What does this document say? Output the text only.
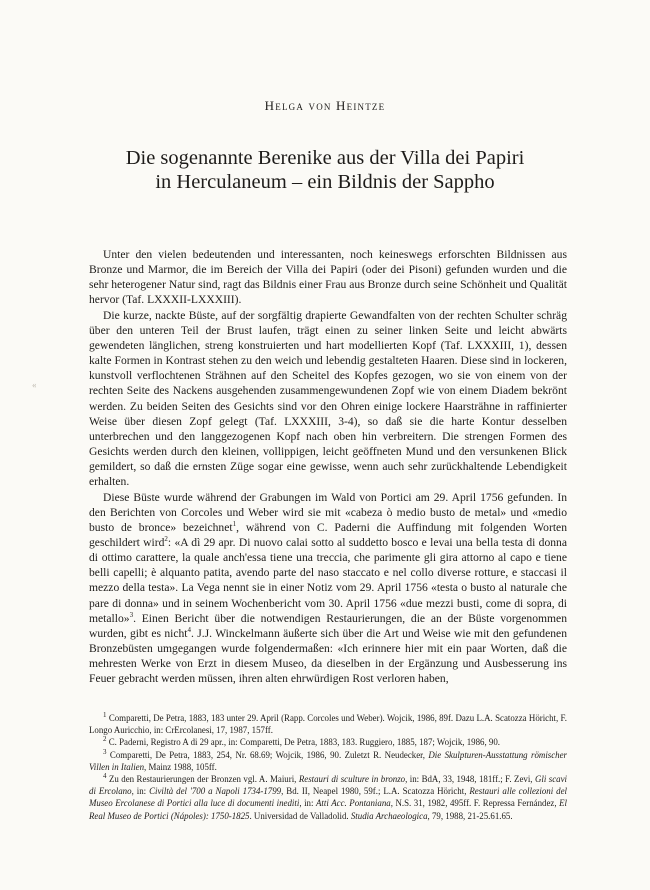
Helga von Heintze
Die sogenannte Berenike aus der Villa dei Papiri
in Herculaneum – ein Bildnis der Sappho
«

Unter den vielen bedeutenden und interessanten, noch keineswegs erforschten Bildnissen aus Bronze und Marmor, die im Bereich der Villa dei Papiri (oder dei Pisoni) gefunden wurden und die sehr heterogener Natur sind, ragt das Bildnis einer Frau aus Bronze durch seine Schönheit und Qualität hervor (Taf. LXXXII-LXXXIII).

Die kurze, nackte Büste, auf der sorgfältig drapierte Gewandfalten von der rechten Schulter schräg über den unteren Teil der Brust laufen, trägt einen zu seiner linken Seite und leicht abwärts gewendeten länglichen, streng konstruierten und hart modellierten Kopf (Taf. LXXXIII, 1), dessen kalte Formen in Kontrast stehen zu den weich und lebendig gestalteten Haaren. Diese sind in lockeren, kunstvoll verflochtenen Strähnen auf den Scheitel des Kopfes gezogen, wo sie von einem von der rechten Seite des Nackens ausgehenden zusammengewundenen Zopf wie von einem Diadem bekrönt werden. Zu beiden Seiten des Gesichts sind vor den Ohren einige lockere Haarsträhne in raffinierter Weise über diesen Zopf gelegt (Taf. LXXXIII, 3-4), so daß sie die harte Kontur desselben unterbrechen und den langgezogenen Kopf nach oben hin verbreitern. Die strengen Formen des Gesichts werden durch den kleinen, vollippigen, leicht geöffneten Mund und den versunkenen Blick gemildert, so daß die ernsten Züge sogar eine gewisse, wenn auch sehr zurückhaltende Lebendigkeit erhalten.

Diese Büste wurde während der Grabungen im Wald von Portici am 29. April 1756 gefunden. In den Berichten von Corcoles und Weber wird sie mit «cabeza ò medio busto de metal» und «medio busto de bronce» bezeichnet$^1$, während von C. Paderni die Auffindung mit folgenden Worten geschildert wird$^2$: «A dì 29 apr. Di nuovo calai sotto al suddetto bosco e levai una bella testa di donna di ottimo carattere, la quale anch'essa tiene una treccia, che parimente gli gira attorno al capo e tiene belli capelli; è alquanto patita, avendo parte del naso staccato e nel collo diverse rotture, e staccasi il mezzo della testa». La Vega nennt sie in einer Notiz vom 29. April 1756 «testa o busto al naturale che pare di donna» und in seinem Wochenbericht vom 30. April 1756 «due mezzi busti, come di sopra, di metallo»$^3$. Einen Bericht über die notwendigen Restaurierungen, die an der Büste vorgenommen wurden, gibt es nicht$^4$. J.J. Winckelmann äußerte sich über die Art und Weise wie mit den gefundenen Bronzebüsten umgegangen wurde folgendermaßen: «Ich erinnere hier mit ein paar Worten, daß die mehresten Werke von Erzt in diesem Museo, da dieselben in der Ergänzung und Ausbesserung ins Feuer gebracht werden müssen, ihren alten ehrwürdigen Rost verloren haben,

$^1$ Comparetti, De Petra, 1883, 183 unter 29. April (Rapp. Corcoles und Weber). Wojcik, 1986, 89f. Dazu L.A. Scatozza Höricht, F. Longo Auricchio, in: CrErcolanesi, 17, 1987, 157ff.

$^2$ C. Paderni, Registro A di 29 apr., in: Comparetti, De Petra, 1883, 183. Ruggiero, 1885, 187; Wojcik, 1986, 90.

$^3$ Comparetti, De Petra, 1883, 254, Nr. 68.69; Wojcik, 1986, 90. Zuletzt R. Neudecker, Die Skulpturen-Ausstattung römischer Villen in Italien, Mainz 1988, 105ff.

$^4$ Zu den Restaurierungen der Bronzen vgl. A. Maiuri, Restauri di sculture in bronzo, in: BdA, 33, 1948, 181ff.; F. Zevi, Gli scavi di Ercolano, in: Civiltà del '700 a Napoli 1734-1799, Bd. II, Neapel 1980, 59f.; L.A. Scatozza Höricht, Restauri alle collezioni del Museo Ercolanese di Portici alla luce di documenti inediti, in: Atti Acc. Pontaniana, N.S. 31, 1982, 495ff. F. Repressa Fernández, El Real Museo de Portici (Nápoles): 1750-1825. Universidad de Valladolid. Studia Archaeologica, 79, 1988, 21-25.61.65.
